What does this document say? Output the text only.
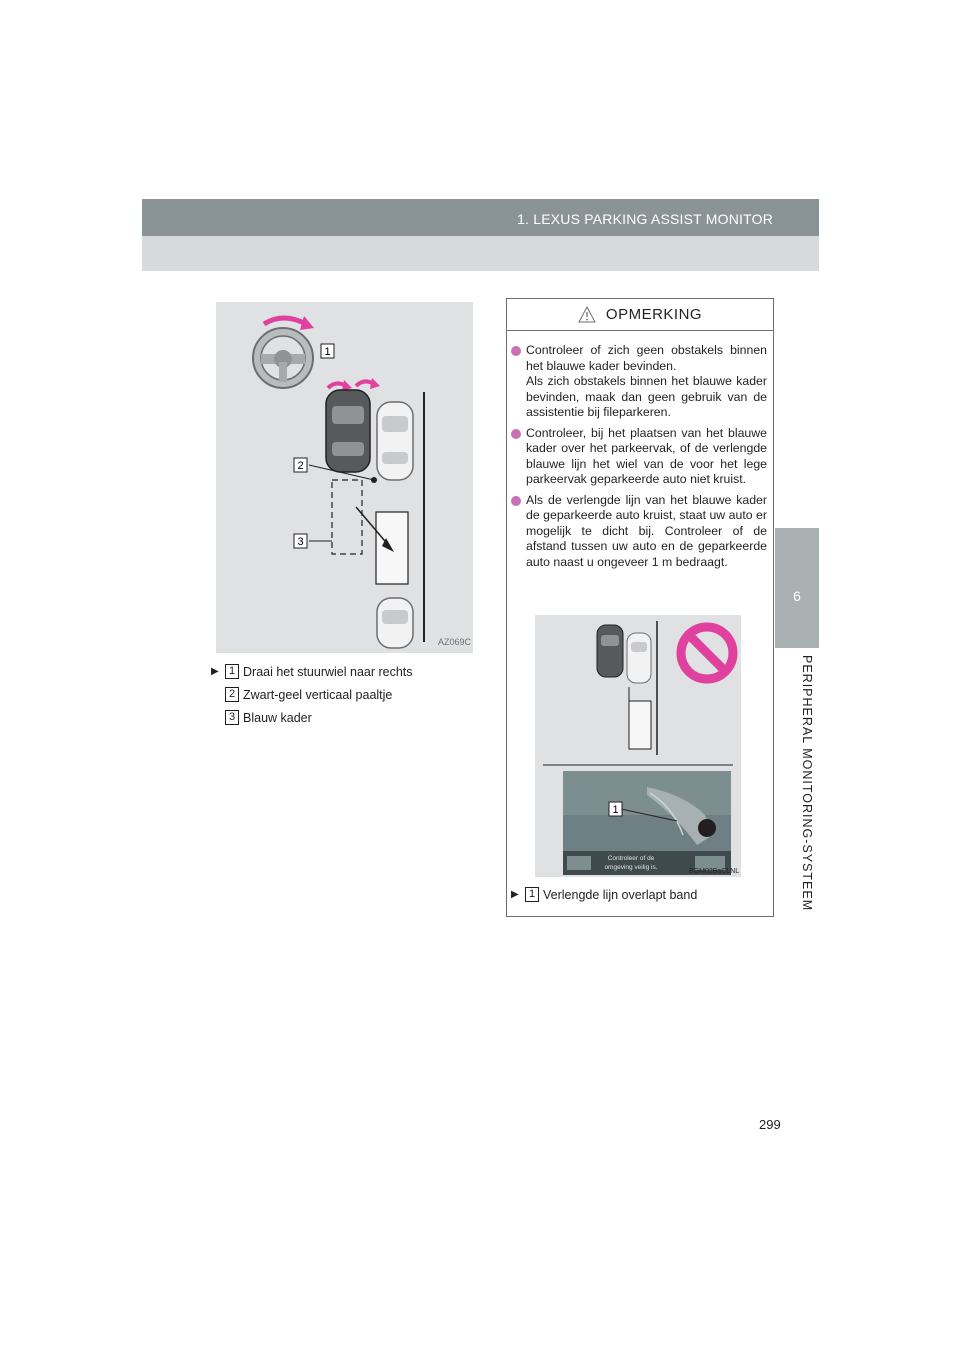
1. LEXUS PARKING ASSIST MONITOR
6
PERIPHERAL MONITORING-SYSTEEM
1
2
3
AZ069C
▶ 1 Draai het stuurwiel naar rechts
2 Zwart-geel verticaal paaltje
3 Blauw kader
OPMERKING
Controleer of zich geen obstakels binnen het blauwe kader bevinden.
Als zich obstakels binnen het blauwe kader bevinden, maak dan geen gebruik van de assistentie bij fileparkeren.
Controleer, bij het plaatsen van het blauwe kader over het parkeervak, of de verlengde blauwe lijn het wiel van de voor het lege parkeervak geparkeerde auto niet kruist.
Als de verlengde lijn van het blauwe kader de geparkeerde auto kruist, staat uw auto er mogelijk te dicht bij. Controleer of de afstand tussen uw auto en de geparkeerde auto naast u ongeveer 1 m bedraagt.
Controleer of de
omgeving veilig is.
1
BGM02BaCLNL
▶ 1 Verlengde lijn overlapt band
299
